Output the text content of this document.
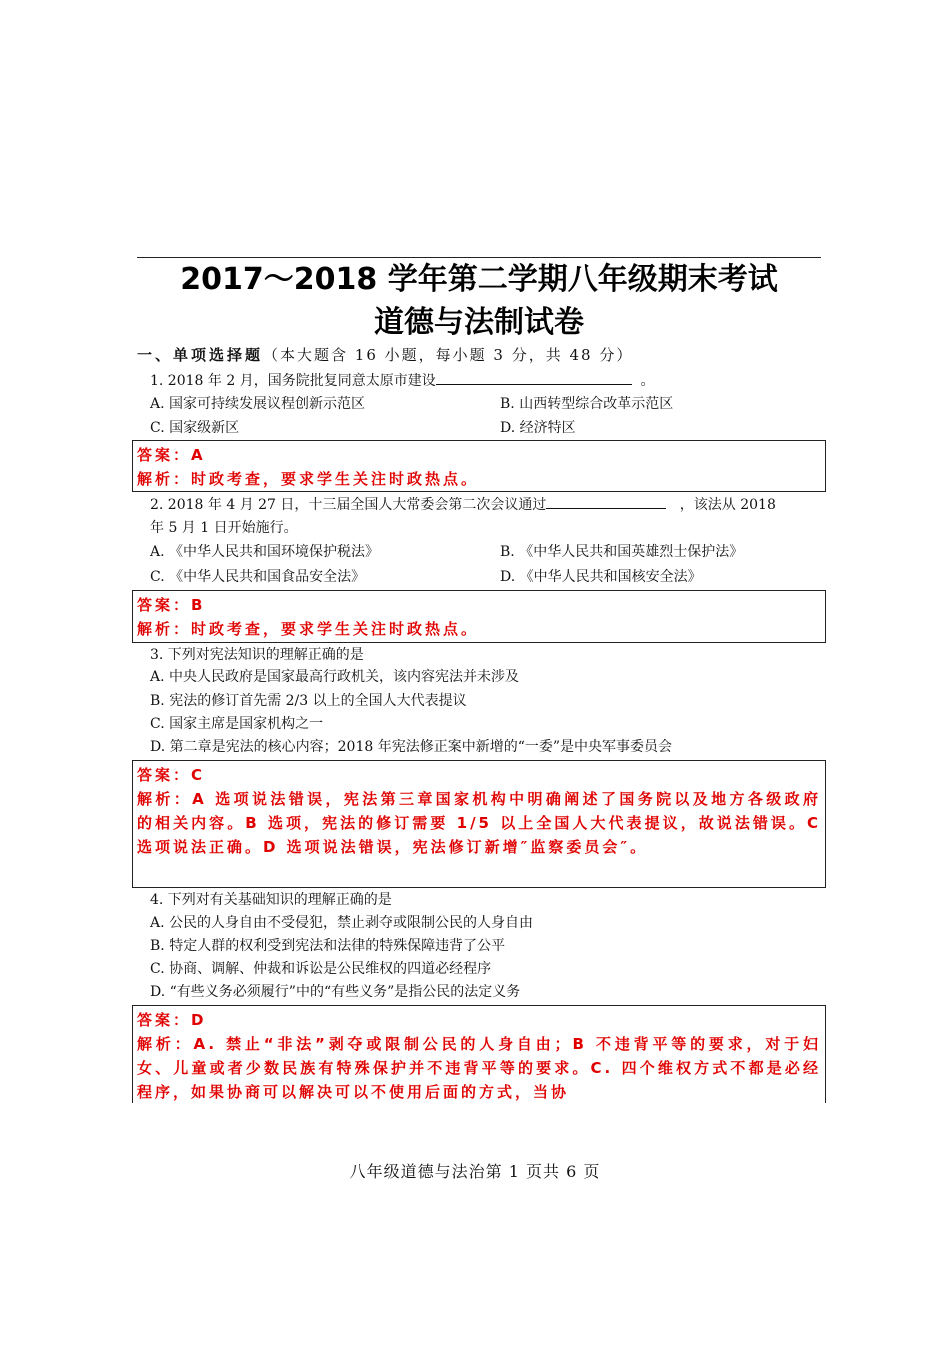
2017～2018 学年第二学期八年级期末考试
道德与法制试卷
一、单项选择题（本大题含 16 小题，每小题 3 分，共 48 分）
1. 2018 年 2 月，国务院批复同意太原市建设	。
A. 国家可持续发展议程创新示范区	B. 山西转型综合改革示范区
C. 国家级新区	D. 经济特区
答案：A
解析：时政考查，要求学生关注时政热点。
2. 2018 年 4 月 27 日，十三届全国人大常委会第二次会议通过	，该法从 2018
年 5 月 1 日开始施行。
A. 《中华人民共和国环境保护税法》	B. 《中华人民共和国英雄烈士保护法》
C. 《中华人民共和国食品安全法》	D. 《中华人民共和国核安全法》
答案：B
解析：时政考查，要求学生关注时政热点。
3. 下列对宪法知识的理解正确的是
A. 中央人民政府是国家最高行政机关，该内容宪法并未涉及
B. 宪法的修订首先需 2/3 以上的全国人大代表提议
C. 国家主席是国家机构之一
D. 第二章是宪法的核心内容；2018 年宪法修正案中新增的“一委”是中央军事委员会
答案：C
解析：A 选项说法错误，宪法第三章国家机构中明确阐述了国务院以及地方各级政府的相关内容。B 选项，宪法的修订需要 1/5 以上全国人大代表提议，故说法错误。C 选项说法正确。D 选项说法错误，宪法修订新增″监察委员会″。
4. 下列对有关基础知识的理解正确的是
A. 公民的人身自由不受侵犯，禁止剥夺或限制公民的人身自由
B. 特定人群的权利受到宪法和法律的特殊保障违背了公平
C. 协商、调解、仲裁和诉讼是公民维权的四道必经程序
D. “有些义务必须履行”中的“有些义务”是指公民的法定义务
答案：D
解析：A. 禁止“非法”剥夺或限制公民的人身自由；B 不违背平等的要求，对于妇女、儿童或者少数民族有特殊保护并不违背平等的要求。C. 四个维权方式不都是必经程序，如果协商可以解决可以不使用后面的方式，当协
八年级道德与法治第 1 页共 6 页
